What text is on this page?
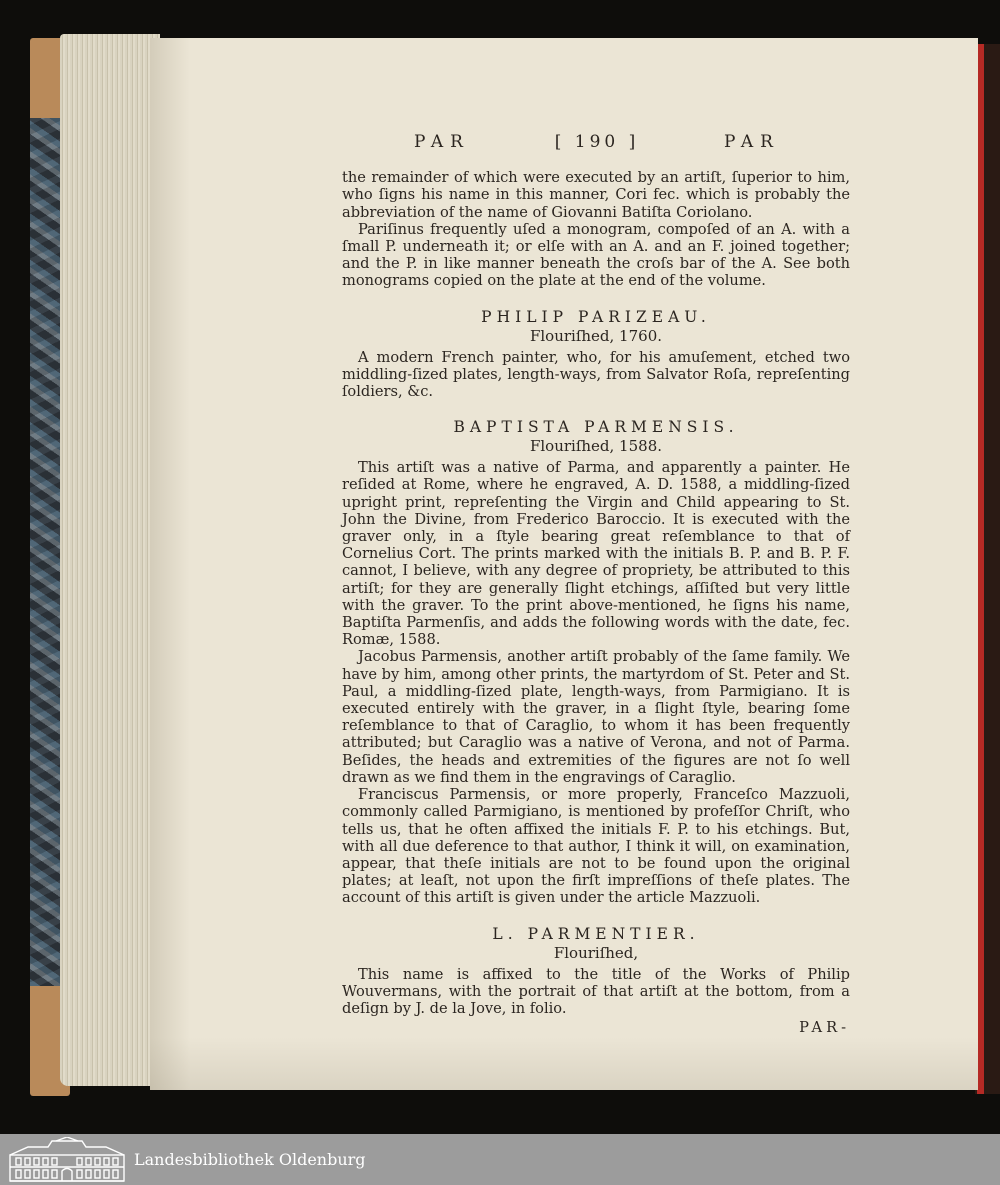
PAR	[ 190 ]	PAR

the remainder of which were executed by an artiſt, ſuperior to him, who ſigns his name in this manner, Cori fec. which is probably the abbreviation of the name of Giovanni Batiſta Coriolano.

Pariſinus frequently uſed a monogram, compoſed of an A. with a ſmall P. underneath it; or elſe with an A. and an F. joined together; and the P. in like manner beneath the croſs bar of the A. See both monograms copied on the plate at the end of the volume.

PHILIP PARIZEAU.
Flouriſhed, 1760.

A modern French painter, who, for his amuſement, etched two middling-ſized plates, length-ways, from Salvator Roſa, repreſenting ſoldiers, &c.

BAPTISTA PARMENSIS.
Flouriſhed, 1588.

This artiſt was a native of Parma, and apparently a painter. He reſided at Rome, where he engraved, A. D. 1588, a middling-ſized upright print, repreſenting the Virgin and Child appearing to St. John the Divine, from Frederico Baroccio. It is executed with the graver only, in a ſtyle bearing great reſemblance to that of Cornelius Cort. The prints marked with the initials B. P. and B. P. F. cannot, I believe, with any degree of propriety, be attributed to this artiſt; for they are generally ſlight etchings, aſſiſted but very little with the graver. To the print above-mentioned, he ſigns his name, Baptiſta Parmenſis, and adds the following words with the date, fec. Romæ, 1588.

Jacobus Parmensis, another artiſt probably of the ſame family. We have by him, among other prints, the martyrdom of St. Peter and St. Paul, a middling-ſized plate, length-ways, from Parmigiano. It is executed entirely with the graver, in a ſlight ſtyle, bearing ſome reſemblance to that of Caraglio, to whom it has been frequently attributed; but Caraglio was a native of Verona, and not of Parma. Beſides, the heads and extremities of the figures are not ſo well drawn as we find them in the engravings of Caraglio.

Franciscus Parmensis, or more properly, Franceſco Mazzuoli, commonly called Parmigiano, is mentioned by profeſſor Chriſt, who tells us, that he often affixed the initials F. P. to his etchings. But, with all due deference to that author, I think it will, on examination, appear, that theſe initials are not to be found upon the original plates; at leaſt, not upon the firſt impreſſions of theſe plates. The account of this artiſt is given under the article Mazzuoli.

L. PARMENTIER.
Flouriſhed,

This name is affixed to the title of the Works of Philip Wouvermans, with the portrait of that artiſt at the bottom, from a deſign by J. de la Jove, in folio.

PAR-
Landesbibliothek Oldenburg
